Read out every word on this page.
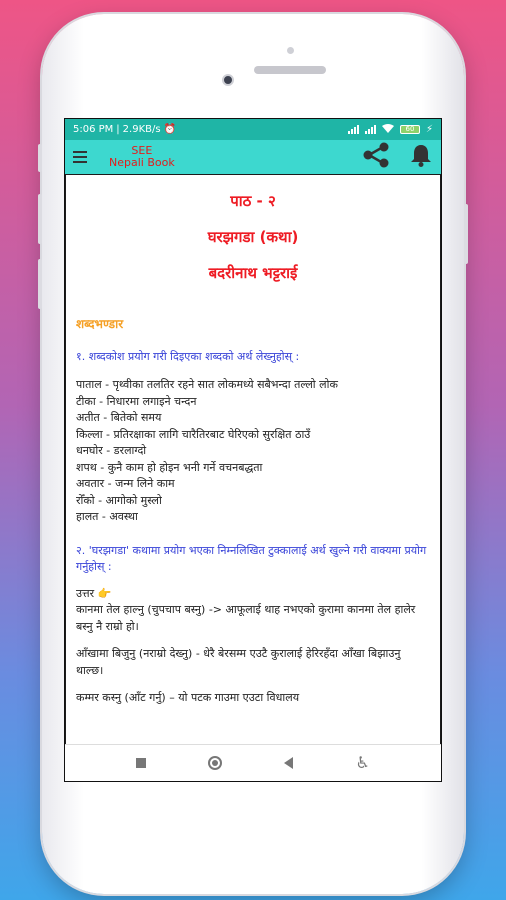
5:06 PM | 2.9KB/s ⏰	60	⚡
SEE
Nepali Book
पाठ - २
घरझगडा (कथा)
बदरीनाथ भट्टराई
शब्दभण्डार
१. शब्दकोश प्रयोग गरी दिइएका शब्दको अर्थ लेख्नुहोस् :
पाताल - पृथ्वीका तलतिर रहने सात लोकमध्ये सबैभन्दा तल्लो लोक
टीका - निधारमा लगाइने चन्दन
अतीत - बितेको समय
किल्ला - प्रतिरक्षाका लागि चारैतिरबाट घेरिएको सुरक्षित ठाउँ
धनघोर - डरलाग्दो
शपथ - कुनै काम हो होइन भनी गर्ने वचनबद्धता
अवतार - जन्म लिने काम
रोँको - आगोको मुस्लो
हालत - अवस्था
२. 'घरझगडा' कथामा प्रयोग भएका निम्नलिखित टुक्कालाई अर्थ खुल्ने गरी वाक्यमा प्रयोग गर्नुहोस् :
उत्तर 👉
कानमा तेल हाल्नु (चुपचाप बस्नु) -> आफूलाई थाह नभएको कुरामा कानमा तेल हालेर बस्नु नै राम्रो हो।
आँखामा बिजुनु (नराम्रो देख्नु) - धेरै बेरसम्म एउटै कुरालाई हेरिरहँदा आँखा बिझाउनु थाल्छ।
कम्मर कस्नु (आँट गर्नु) – यो पटक गाउमा एउटा विधालय
♿
